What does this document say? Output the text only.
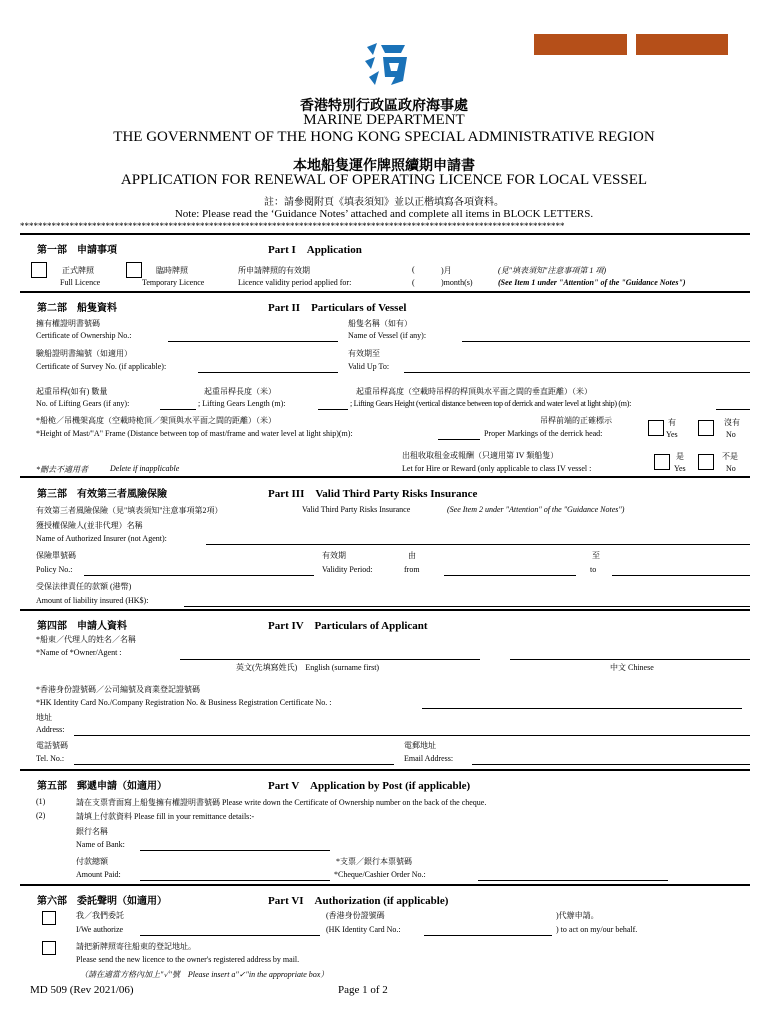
香港特別行政區政府海事處
MARINE DEPARTMENT
THE GOVERNMENT OF THE HONG KONG SPECIAL ADMINISTRATIVE REGION
本地船隻運作牌照續期申請書
APPLICATION FOR RENEWAL OF OPERATING LICENCE FOR LOCAL VESSEL
註：請參閱附頁《填表須知》並以正楷填寫各項資料。
Note: Please read the ‘Guidance Notes’ attached and complete all items in BLOCK LETTERS.
*************************************************************************************************************************
第一部　申請事項	Part I　Application
正式牌照
Full Licence
臨時牌照
Temporary Licence
所申請牌照的有效期
Licence validity period applied for:
(
(
)月
)month(s)
(見"填表須知"注意事項第 1 項)
(See Item 1 under "Attention" of the "Guidance Notes")
第二部　船隻資料	Part II　Particulars of Vessel
擁有權證明書號碼
Certificate of Ownership No.:
船隻名稱（如有）
Name of Vessel (if any):
驗船證明書編號（如適用）
Certificate of Survey No. (if applicable):
有效期至
Valid Up To:
起重吊桿(如有) 數量
No. of Lifting Gears (if any):
起重吊桿長度（米）
; Lifting Gears Length (m):
起重吊桿高度（空載時吊桿的桿頂與水平面之間的垂直距離）（米）
; Lifting Gears Height (vertical distance between top of derrick and water level at light ship) (m):
*船桅／吊機架高度（空載時桅頂／架頂與水平面之間的距離）（米）
*Height of Mast/"A" Frame (Distance between top of mast/frame and water level at light ship)(m):
吊桿前端的正確標示
Proper Markings of the derrick head:
有
Yes
沒有
No
出租收取租金或報酬（只適用第 IV 類船隻）
*刪去不適用者	Delete if inapplicable	Let for Hire or Reward (only applicable to class IV vessel :
是
Yes
不是
No
第三部　有效第三者風險保險	Part III　Valid Third Party Risks Insurance
有效第三者風險保險（見"填表須知"注意事項第2項）	Valid Third Party Risks Insurance	(See Item 2 under "Attention" of the "Guidance Notes")
獲授權保險人(並非代理）名稱
Name of Authorized Insurer (not Agent):
保險單號碼
Policy No.:
有效期
Validity Period:
由
from
至
to
受保法律責任的款額 (港幣)
Amount of liability insured (HK$):
第四部　申請人資料	Part IV　Particulars of Applicant
*船東／代理人的姓名／名稱
*Name of *Owner/Agent :
英文(先填寫姓氏)　English (surname first)	中文 Chinese
*香港身份證號碼／公司編號及商業登記證號碼
*HK Identity Card No./Company Registration No. & Business Registration Certificate No. :
地址
Address:
電話號碼
Tel. No.:
電郵地址
Email Address:
第五部　郵遞申請（如適用）	Part V　Application by Post (if applicable)
(1)	請在支票背面寫上船隻擁有權證明書號碼 Please write down the Certificate of Ownership number on the back of the cheque.
(2)	請填上付款資料 Please fill in your remittance details:-
銀行名稱
Name of Bank:
付款總額
Amount Paid:
*支票／銀行本票號碼
*Cheque/Cashier Order No.:
第六部　委託聲明（如適用）	Part VI　Authorization (if applicable)
我／我們委託
I/We authorize
(香港身份證號碼
(HK Identity Card No.:
)代辦申請。
) to act on my/our behalf.
請把新牌照寄往船東的登記地址。
Please send the new licence to the owner's registered address by mail.
（請在適當方格內加上"✓"號　Please insert a"✓"in the appropriate box）
MD 509 (Rev 2021/06)	Page 1 of 2
